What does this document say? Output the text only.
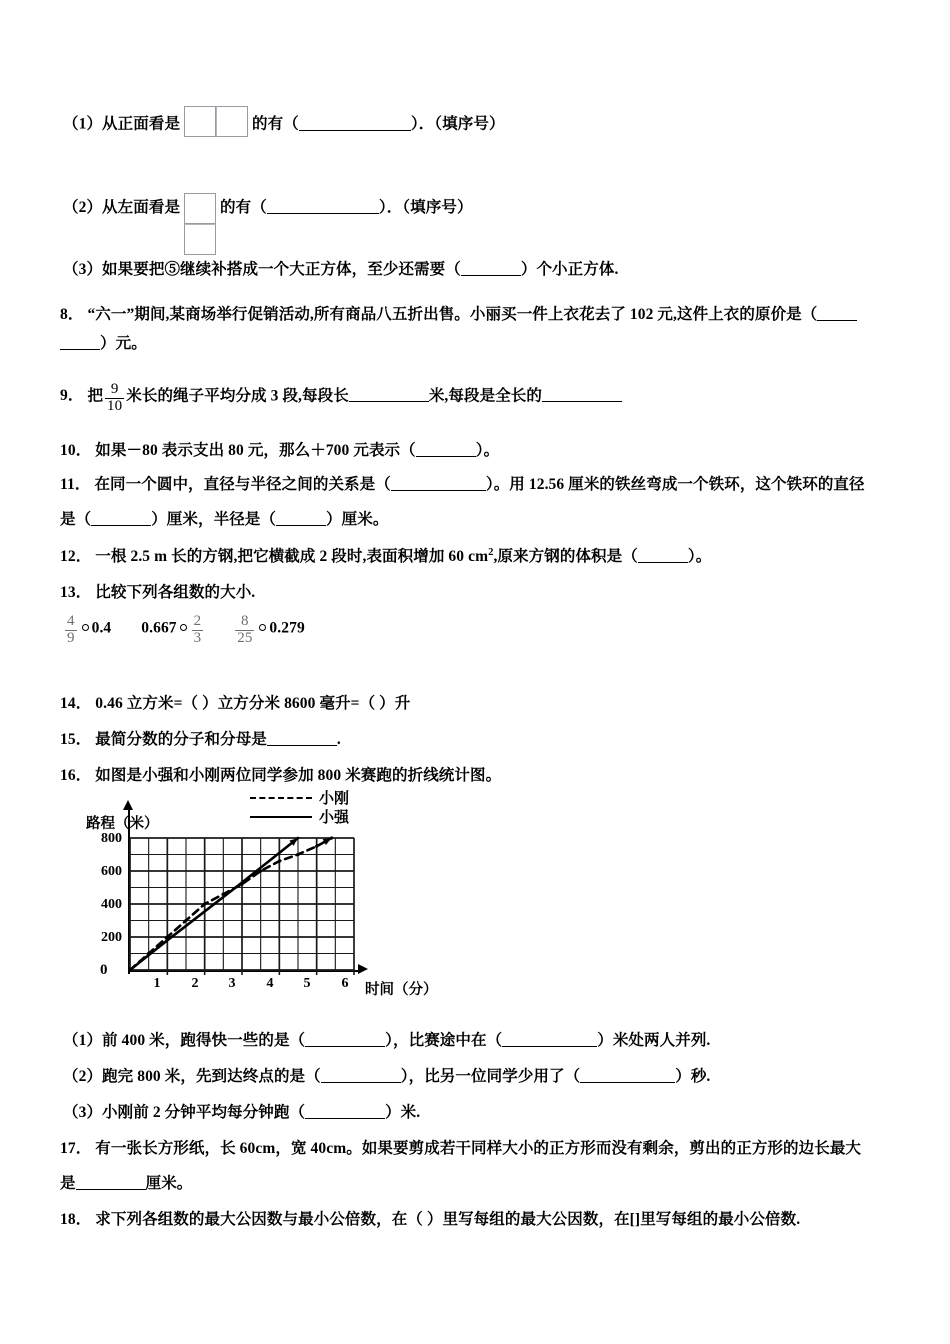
（1）从正面看是	的有（	）．（填序号）
（2）从左面看是	的有（	）．（填序号）
（3）如果要把⑤继续补搭成一个大正方体，至少还需要（	）个小正方体.
8． “六一”期间,某商场举行促销活动,所有商品八五折出售。小丽买一件上衣花去了 102 元,这件上衣的原价是（
）元。
9． 把 $\frac{9}{10}$ 米长的绳子平均分成 3 段,每段长	米,每段是全长的
10． 如果－80 表示支出 80 元，那么＋700 元表示（	）。
11． 在同一个圆中，直径与半径之间的关系是（	）。用 12.56 厘米的铁丝弯成一个铁环，这个铁环的直径
是（	）厘米，半径是（	）厘米。
12． 一根 2.5 m 长的方钢,把它横截成 2 段时,表面积增加 60 $cm^2$,原来方钢的体积是（	）。
13． 比较下列各组数的大小.
$\frac{4}{9} 0.4$ $0.667 \frac{2}{3}$
$\frac{8}{25} 0.279$
14． 0.46 立方米=（ ）立方分米 8600 毫升=（ ）升
15． 最简分数的分子和分母是	.
16． 如图是小强和小刚两位同学参加 800 米赛跑的折线统计图。
小刚
小强
路程（米）
时间（分）
0
800
600
400
200
1	2	3	4	5	6
（1）前 400 米，跑得快一些的是（	），比赛途中在（	）米处两人并列.
（2）跑完 800 米，先到达终点的是（	），比另一位同学少用了（	）秒.
（3）小刚前 2 分钟平均每分钟跑（	）米.
17． 有一张长方形纸，长 60cm，宽 40cm。如果要剪成若干同样大小的正方形而没有剩余，剪出的正方形的边长最大
是	厘米。
18． 求下列各组数的最大公因数与最小公倍数，在（ ）里写每组的最大公因数，在[]里写每组的最小公倍数.
